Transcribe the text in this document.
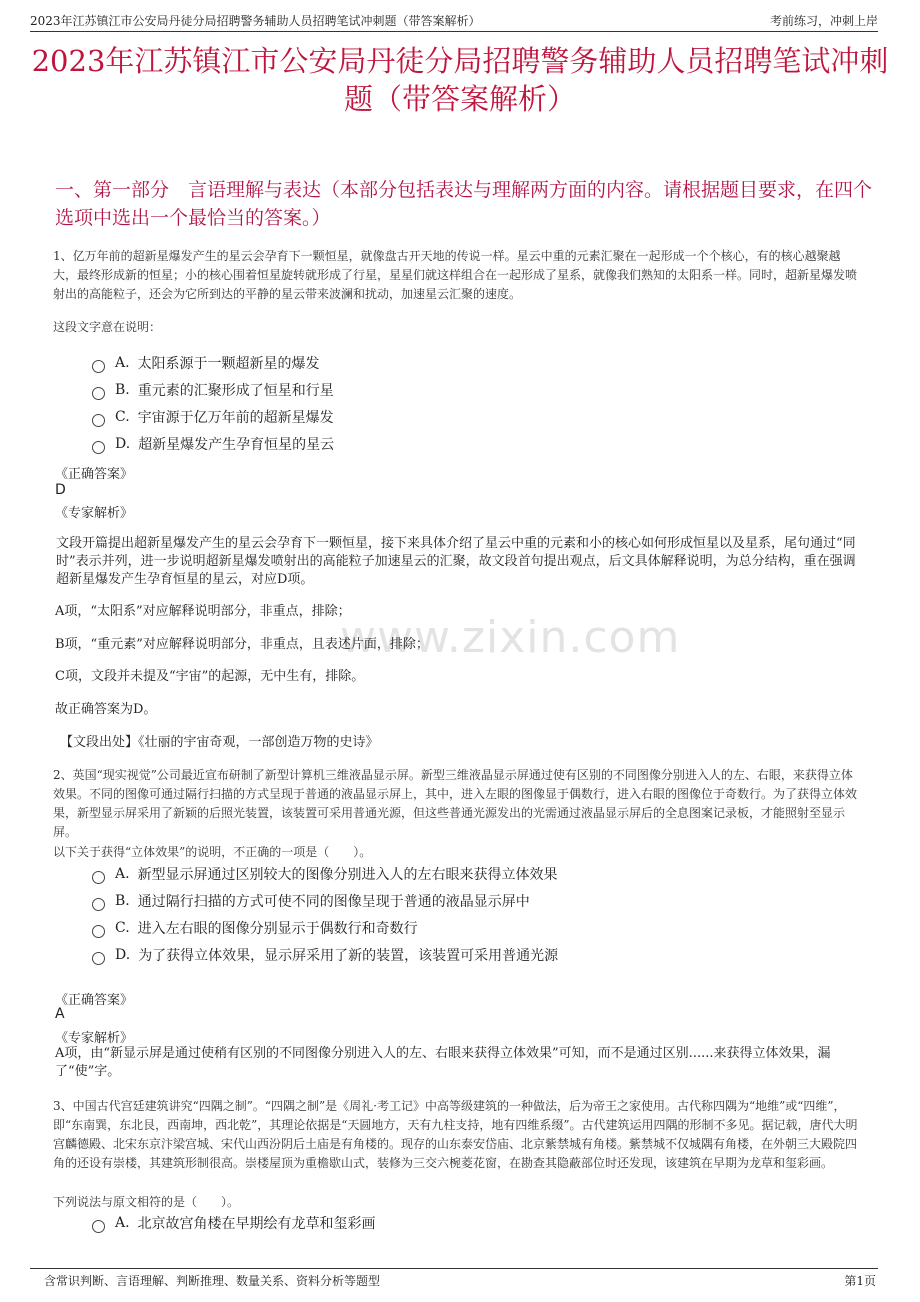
2023年江苏镇江市公安局丹徒分局招聘警务辅助人员招聘笔试冲刺题（带答案解析）	考前练习，冲刺上岸
2023年江苏镇江市公安局丹徒分局招聘警务辅助人员招聘笔试冲刺题（带答案解析）
一、第一部分　言语理解与表达（本部分包括表达与理解两方面的内容。请根据题目要求，在四个选项中选出一个最恰当的答案。）
www.zixin.com

1、亿万年前的超新星爆发产生的星云会孕育下一颗恒星，就像盘古开天地的传说一样。星云中重的元素汇聚在一起形成一个个核心，有的核心越聚越大，最终形成新的恒星；小的核心围着恒星旋转就形成了行星，星星们就这样组合在一起形成了星系，就像我们熟知的太阳系一样。同时，超新星爆发喷射出的高能粒子，还会为它所到达的平静的星云带来波澜和扰动，加速星云汇聚的速度。

这段文字意在说明：

A. 太阳系源于一颗超新星的爆发
B. 重元素的汇聚形成了恒星和行星
C. 宇宙源于亿万年前的超新星爆发
D. 超新星爆发产生孕育恒星的星云
《正确答案》
D
《专家解析》

文段开篇提出超新星爆发产生的星云会孕育下一颗恒星，接下来具体介绍了星云中重的元素和小的核心如何形成恒星以及星系，尾句通过“同时”表示并列，进一步说明超新星爆发喷射出的高能粒子加速星云的汇聚，故文段首句提出观点，后文具体解释说明，为总分结构，重在强调超新星爆发产生孕育恒星的星云，对应D项。

A项，“太阳系”对应解释说明部分，非重点，排除；

B项，“重元素”对应解释说明部分，非重点，且表述片面，排除；

C项，文段并未提及“宇宙”的起源，无中生有，排除。

故正确答案为D。

【文段出处】《壮丽的宇宙奇观，一部创造万物的史诗》

2、英国“现实视觉”公司最近宣布研制了新型计算机三维液晶显示屏。新型三维液晶显示屏通过使有区别的不同图像分别进入人的左、右眼，来获得立体效果。不同的图像可通过隔行扫描的方式呈现于普通的液晶显示屏上，其中，进入左眼的图像显于偶数行，进入右眼的图像位于奇数行。为了获得立体效果，新型显示屏采用了新颖的后照光装置，该装置可采用普通光源，但这些普通光源发出的光需通过液晶显示屏后的全息图案记录板，才能照射至显示屏。

以下关于获得“立体效果”的说明，不正确的一项是（　　）。

A. 新型显示屏通过区别较大的图像分别进入人的左右眼来获得立体效果
B. 通过隔行扫描的方式可使不同的图像呈现于普通的液晶显示屏中
C. 进入左右眼的图像分别显示于偶数行和奇数行
D. 为了获得立体效果，显示屏采用了新的装置，该装置可采用普通光源
《正确答案》
A
《专家解析》

A项，由“新显示屏是通过使稍有区别的不同图像分别进入人的左、右眼来获得立体效果”可知，而不是通过区别......来获得立体效果，漏了“使”字。

3、中国古代宫廷建筑讲究“四隅之制”。“四隅之制”是《周礼·考工记》中高等级建筑的一种做法，后为帝王之家使用。古代称四隅为“地维”或“四维”，即“东南巽，东北艮，西南坤，西北乾”，其理论依据是“天圆地方，天有九柱支持，地有四维系缀”。古代建筑运用四隅的形制不多见。据记载，唐代大明宫麟德殿、北宋东京汴梁宫城、宋代山西汾阴后土庙是有角楼的。现存的山东泰安岱庙、北京紫禁城有角楼。紫禁城不仅城隅有角楼，在外朝三大殿院四角的还设有崇楼，其建筑形制很高。崇楼屋顶为重檐歇山式，装修为三交六椀菱花窗，在勘查其隐蔽部位时还发现，该建筑在早期为龙草和玺彩画。

下列说法与原文相符的是（　　）。

A. 北京故宫角楼在早期绘有龙草和玺彩画
含常识判断、言语理解、判断推理、数量关系、资料分析等题型	第1页
